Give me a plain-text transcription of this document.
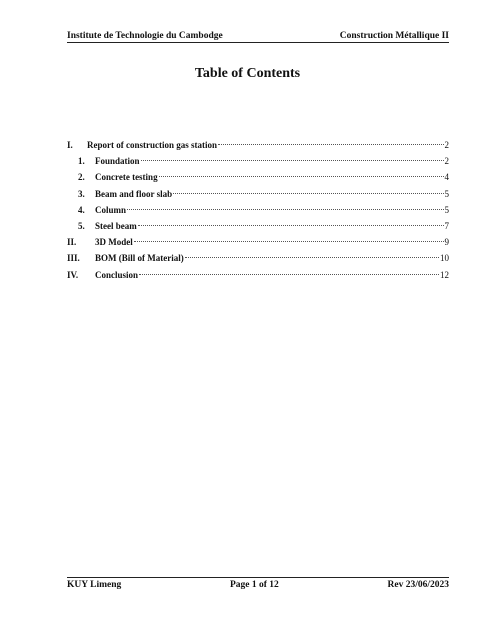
Institute de Technologie du Cambodge	Construction Métallique II
Table of Contents
I.	Report of construction gas station	2
1.	Foundation	2
2.	Concrete testing	4
3.	Beam and floor slab	5
4.	Column	5
5.	Steel beam	7
II.	3D Model	9
III.	BOM (Bill of Material)	10
IV.	Conclusion	12
KUY Limeng	Page 1 of 12	Rev 23/06/2023
